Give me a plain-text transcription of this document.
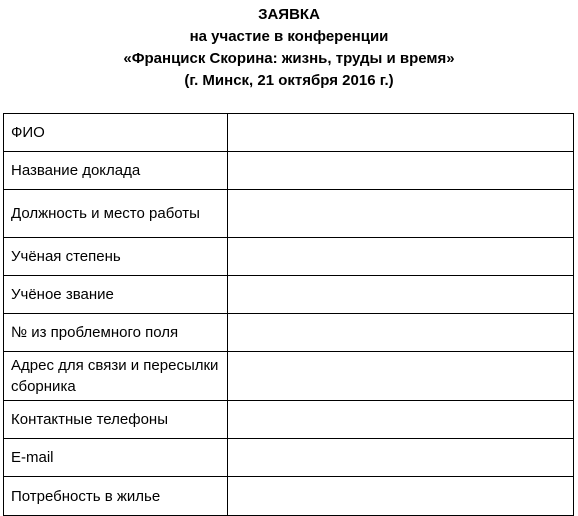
ЗАЯВКА
на участие в конференции
«Франциск Скорина: жизнь, труды и время»
(г. Минск, 21 октября 2016 г.)
ФИО	
Название доклада	
Должность и место работы	
Учёная степень	
Учёное звание	
№ из проблемного поля	
Адрес для связи и пересылки сборника	
Контактные телефоны	
E-mail	
Потребность в жилье	
